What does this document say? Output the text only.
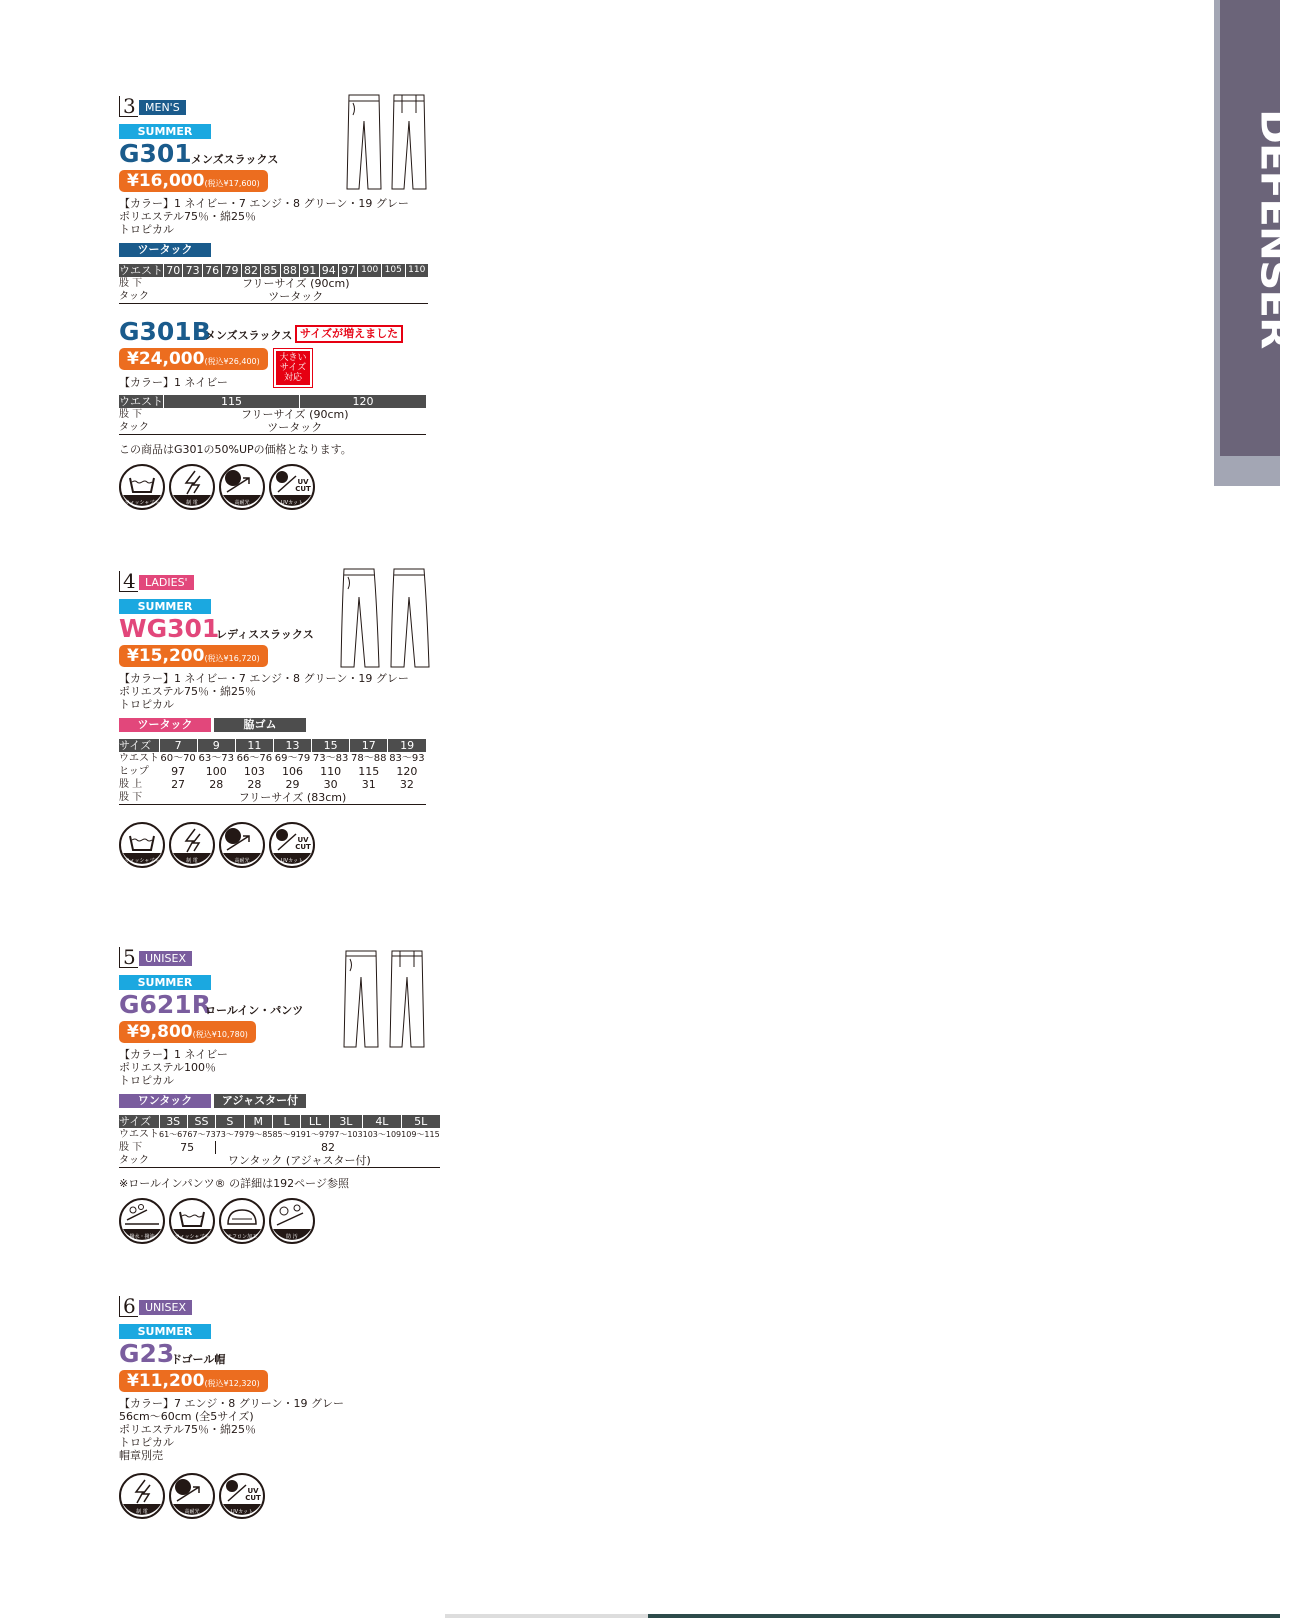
DEFENSER
3 MEN'S
SUMMER
G301 メンズスラックス
¥16,000(税込¥17,600)
【カラー】1 ネイビー・7 エンジ・8 グリーン・19 グレー
ポリエステル75％・綿25％
トロピカル
ツータック
ウエスト	70	73	76	79	82	85	88	91	94	97	100	105	110
股 下	フリーサイズ (90cm)												
タック	ツータック												
G301B
メンズスラックス サイズが増えました
¥24,000(税込¥26,400)	大きい
サイズ
対応
【カラー】1 ネイビー
ウエスト	115	120
股 下	フリーサイズ (90cm)	
タック	ツータック	
この商品はG301の50%UPの価格となります。
ウォッシャブル	制 電	高耐光
UV
CUT
UVカット
4 LADIES'
SUMMER
WG301
レディススラックス
¥15,200(税込¥16,720)
【カラー】1 ネイビー・7 エンジ・8 グリーン・19 グレー
ポリエステル75％・綿25％
トロピカル
ツータック	脇ゴム
サイズ	7	9	11	13	15	17	19
ウエスト	60〜70	63〜73	66〜76	69〜79	73〜83	78〜88	83〜93
ヒップ	97	100	103	106	110	115	120
股 上	27	28	28	29	30	31	32
股 下	フリーサイズ (83cm)						
ウォッシャブル	制 電	高耐光
UV
CUT
UVカット
5 UNISEX
SUMMER
G621R
ロールイン・パンツ
¥9,800(税込¥10,780)
【カラー】1 ネイビー
ポリエステル100％
トロピカル
ワンタック	アジャスター付
サイズ	3S	SS	S	M	L	LL	3L	4L	5L
ウエスト	61〜67	67〜73	73〜79	79〜85	85〜91	91〜97	97〜103	103〜109	109〜115
股 下	75		82						
タック	ワンタック (アジャスター付)								
※ロールインパンツ® の詳細は192ページ参照
撥水・撥油	ウォッシャブル	テフロン加工	防 汚
6 UNISEX
SUMMER
G23
ドゴール帽
¥11,200(税込¥12,320)
【カラー】7 エンジ・8 グリーン・19 グレー
56cm〜60cm (全5サイズ)
ポリエステル75％・綿25％
トロピカル
帽章別売
制 電	高耐光
UV
CUT
UVカット
